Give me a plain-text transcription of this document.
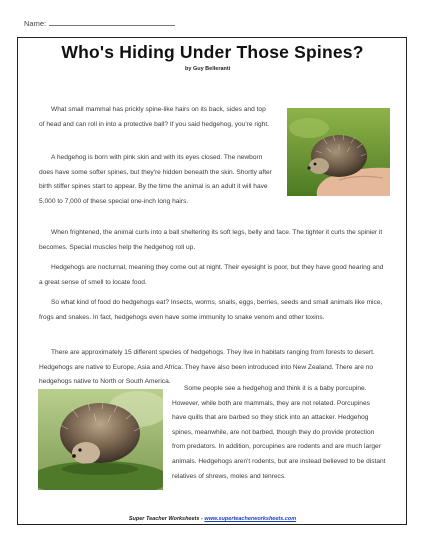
Name:
Who's Hiding Under Those Spines?
by Guy Belleranti

What small mammal has prickly spine-like hairs on its back, sides and top of head and can roll in into a protective ball? If you said hedgehog, you're right.

A hedgehog is born with pink skin and with its eyes closed. The newborn does have some softer spines, but they're hidden beneath the skin. Shortly after birth stiffer spines start to appear. By the time the animal is an adult it will have 5,000 to 7,000 of these special one-inch long hairs.

When frightened, the animal curls into a ball sheltering its soft legs, belly and face. The tighter it curls the spinier it becomes. Special muscles help the hedgehog roll up.

Hedgehogs are nocturnal, meaning they come out at night. Their eyesight is poor, but they have good hearing and a great sense of smell to locate food.

So what kind of food do hedgehogs eat? Insects, worms, snails, eggs, berries, seeds and small animals like mice, frogs and snakes. In fact, hedgehogs even have some immunity to snake venom and other toxins.

There are approximately 15 different species of hedgehogs. They live in habitats ranging from forests to desert. Hedgehogs are native to Europe, Asia and Africa. They have also been introduced into New Zealand. There are no hedgehogs native to North or South America.

Some people see a hedgehog and think it is a baby porcupine. However, while both are mammals, they are not related. Porcupines have quills that are barbed so they stick into an attacker. Hedgehog spines, meanwhile, are not barbed, though they do provide protection from predators. In addition, porcupines are rodents and are much larger animals. Hedgehogs aren't rodents, but are instead believed to be distant relatives of shrews, moles and tenrecs.

Super Teacher Worksheets - www.superteacherworksheets.com
